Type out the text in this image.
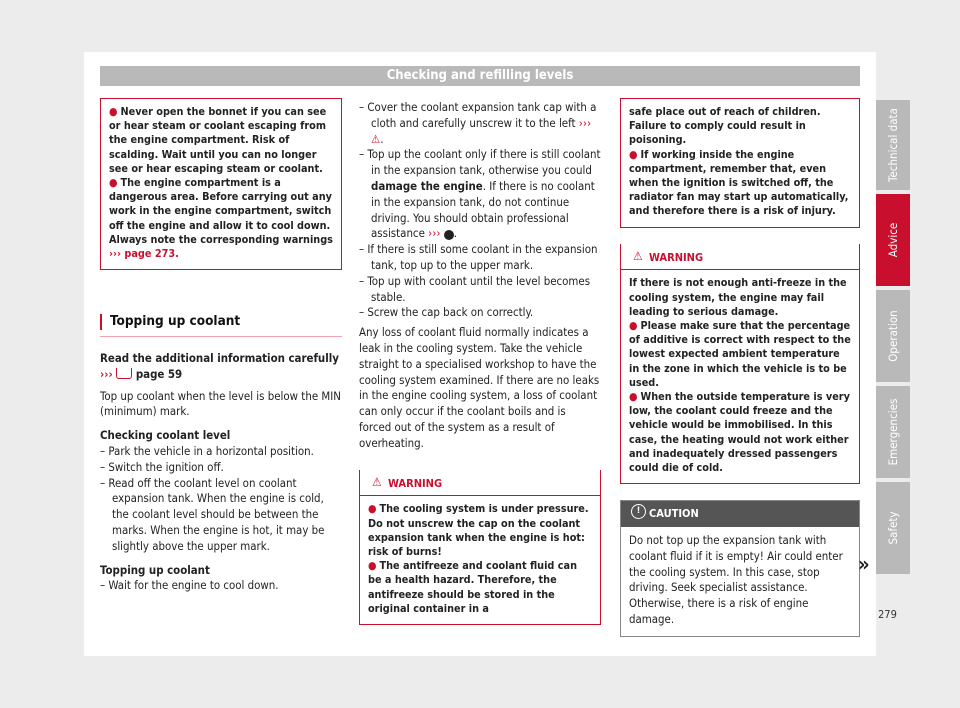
Checking and refilling levels

● Never open the bonnet if you can see or hear steam or coolant escaping from the engine compartment. Risk of scalding. Wait until you can no longer see or hear escaping steam or coolant.

● The engine compartment is a dangerous area. Before carrying out any work in the engine compartment, switch off the engine and allow it to cool down. Always note the corresponding warnings ››› page 273.

Topping up coolant

Read the additional information carefully
››› page 59

Top up coolant when the level is below the MIN (minimum) mark.

Checking coolant level

– Park the vehicle in a horizontal position.

– Switch the ignition off.

– Read off the coolant level on coolant expansion tank. When the engine is cold, the coolant level should be between the marks. When the engine is hot, it may be slightly above the upper mark.

Topping up coolant

– Wait for the engine to cool down.

– Cover the coolant expansion tank cap with a cloth and carefully unscrew it to the left ››› ⚠.

– Top up the coolant only if there is still coolant in the expansion tank, otherwise you could damage the engine. If there is no coolant in the expansion tank, do not continue driving. You should obtain professional assistance ››› ! .

– If there is still some coolant in the expansion tank, top up to the upper mark.

– Top up with coolant until the level becomes stable.

– Screw the cap back on correctly.

Any loss of coolant fluid normally indicates a leak in the cooling system. Take the vehicle straight to a specialised workshop to have the cooling system examined. If there are no leaks in the engine cooling system, a loss of coolant can only occur if the coolant boils and is forced out of the system as a result of overheating.

⚠ WARNING

● The cooling system is under pressure. Do not unscrew the cap on the coolant expansion tank when the engine is hot: risk of burns!

● The antifreeze and coolant fluid can be a health hazard. Therefore, the antifreeze should be stored in the original container in a

safe place out of reach of children. Failure to comply could result in poisoning.

● If working inside the engine compartment, remember that, even when the ignition is switched off, the radiator fan may start up automatically, and therefore there is a risk of injury.

⚠ WARNING

If there is not enough anti-freeze in the cooling system, the engine may fail leading to serious damage.

● Please make sure that the percentage of additive is correct with respect to the lowest expected ambient temperature in the zone in which the vehicle is to be used.

● When the outside temperature is very low, the coolant could freeze and the vehicle would be immobilised. In this case, the heating would not work either and inadequately dressed passengers could die of cold.

! CAUTION

Do not top up the expansion tank with coolant fluid if it is empty! Air could enter the cooling system. In this case, stop driving. Seek specialist assistance. Otherwise, there is a risk of engine damage.

»
Technical data
Advice
Operation
Emergencies
Safety
279
